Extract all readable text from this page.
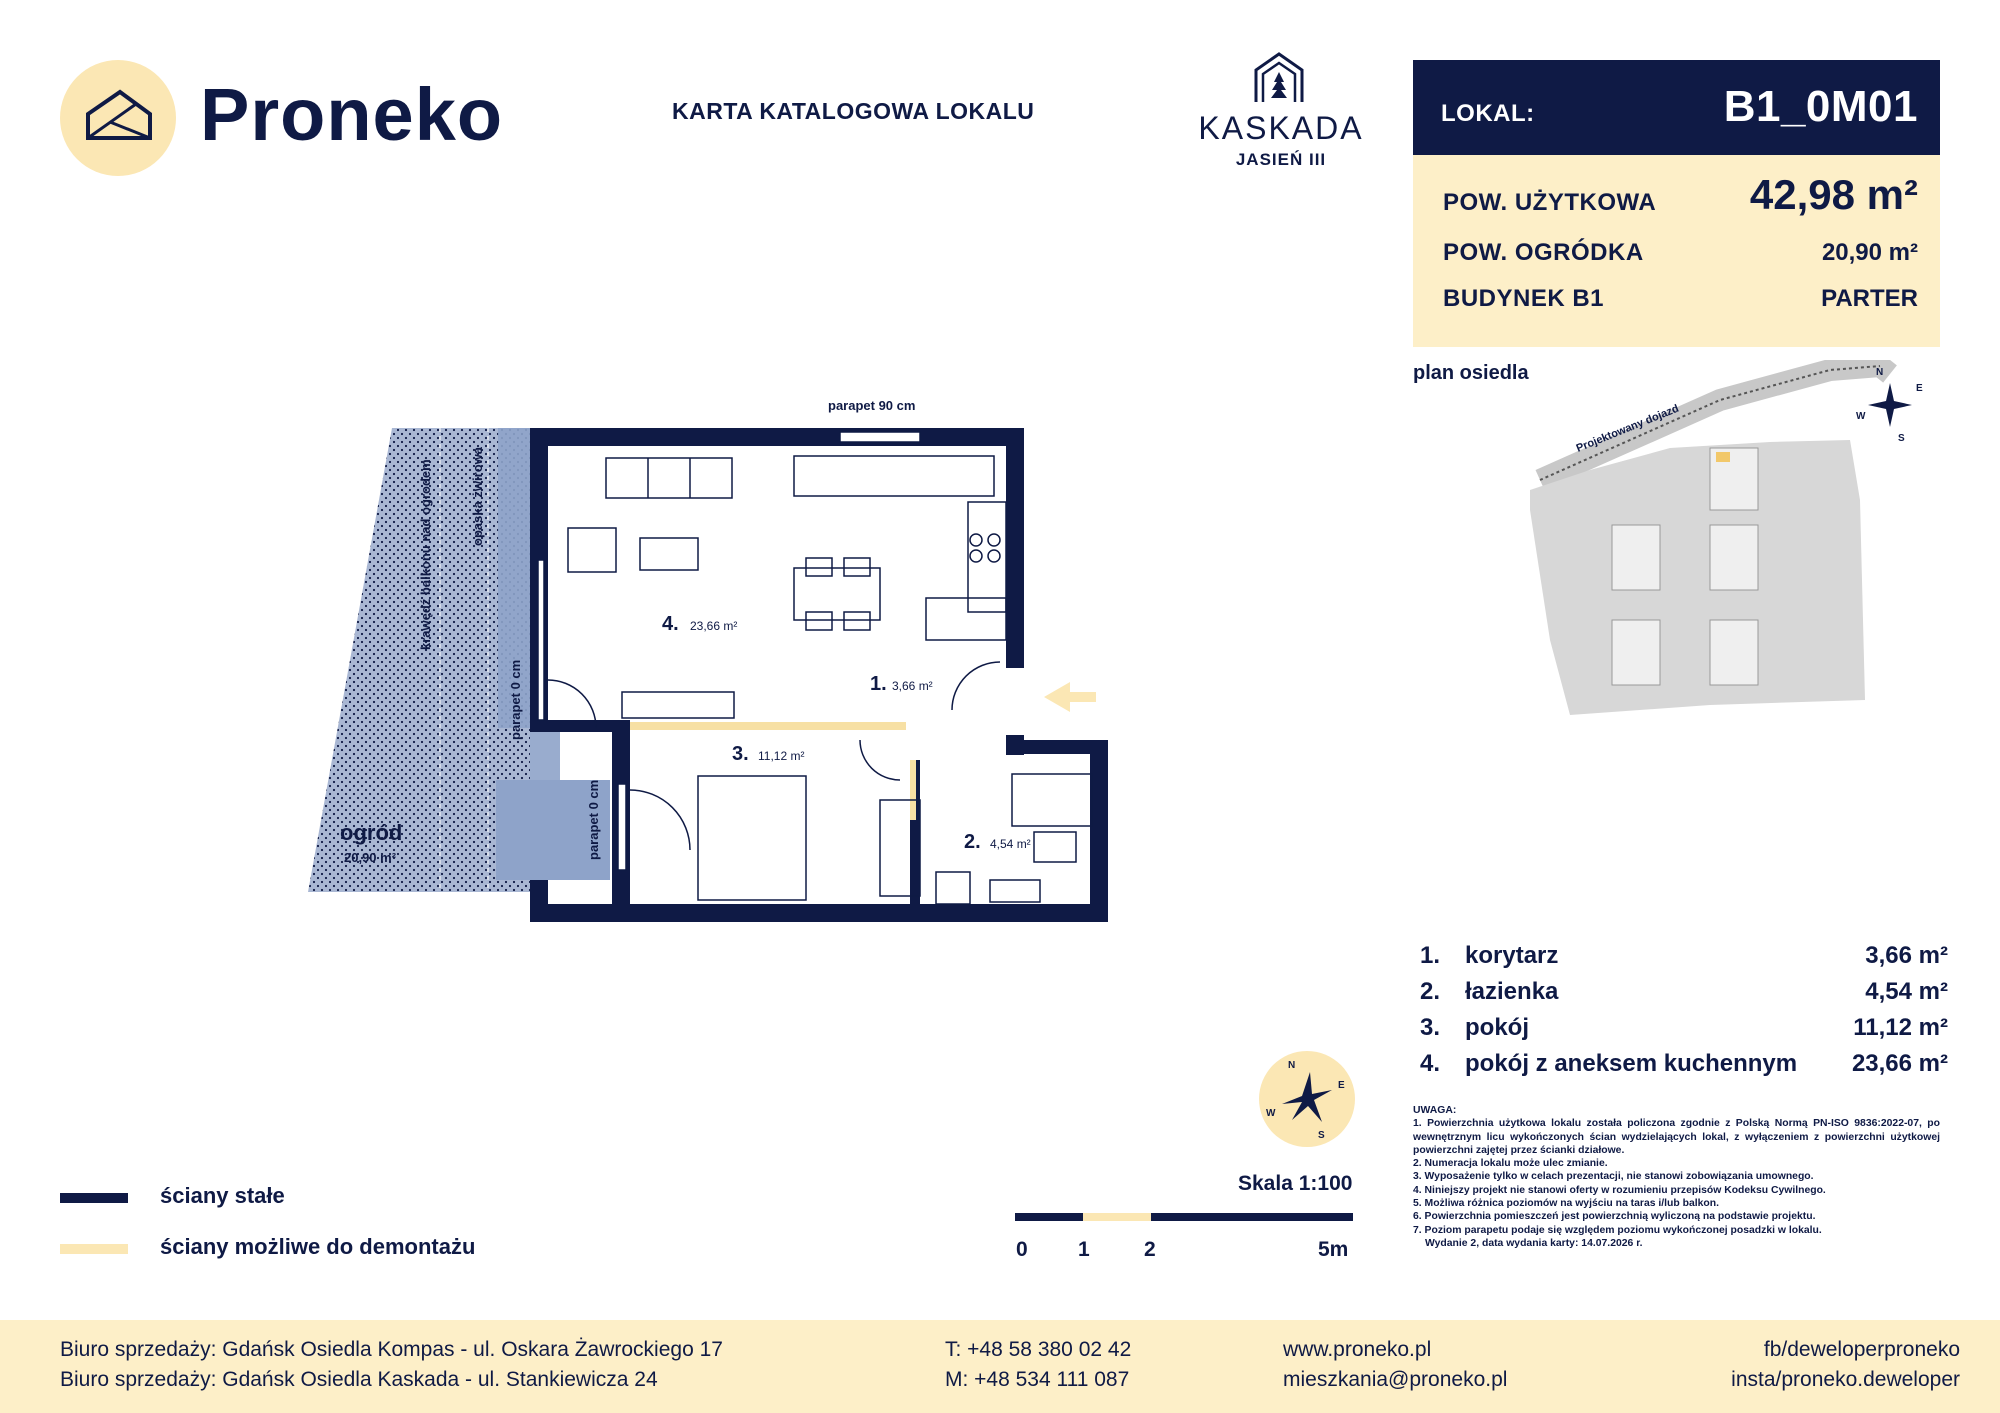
Proneko	KARTA KATALOGOWA LOKALU	KASKADA
JASIEŃ III
LOKAL:	B1_0M01
POW. UŻYTKOWA 42,98 m²
POW. OGRÓDKA	20,90 m²
BUDYNEK B1	PARTER
plan osiedla
Projektowany dojazd
N
E
W
S
parapet 90 cm
parapet 0 cm
parapet 0 cm
krawędź balkonu nad ogrodem	opaska żwirowa
ogród
20,90 m²
4. 23,66 m²
1. 3,66 m²
3. 11,12 m²
2. 4,54 m²
1. korytarz	3,66 m²
2. łazienka	4,54 m²
3. pokój	11,12 m²
4. pokój z aneksem kuchennym 23,66 m²
UWAGA:
1. Powierzchnia użytkowa lokalu została policzona zgodnie z Polską Normą PN-ISO 9836:2022-07, po wewnętrznym licu wykończonych ścian wydzielających lokal, z wyłączeniem z powierzchni użytkowej powierzchni zajętej przez ścianki działowe.
2. Numeracja lokalu może ulec zmianie.
3. Wyposażenie tylko w celach prezentacji, nie stanowi zobowiązania umownego.
4. Niniejszy projekt nie stanowi oferty w rozumieniu przepisów Kodeksu Cywilnego.
5. Możliwa różnica poziomów na wyjściu na taras i/lub balkon.
6. Powierzchnia pomieszczeń jest powierzchnią wyliczoną na podstawie projektu.
7. Poziom parapetu podaje się względem poziomu wykończonej posadzki w lokalu.
Wydanie 2, data wydania karty: 14.07.2026 r.
N
E
W
S
ściany stałe
ściany możliwe do demontażu
Skala 1:100
0 1	2	5m
Biuro sprzedaży: Gdańsk Osiedla Kompas - ul. Oskara Żawrockiego 17
Biuro sprzedaży: Gdańsk Osiedla Kaskada - ul. Stankiewicza 24
T: +48 58 380 02 42
M: +48 534 111 087
www.proneko.pl
mieszkania@proneko.pl
fb/deweloperproneko
insta/proneko.deweloper
